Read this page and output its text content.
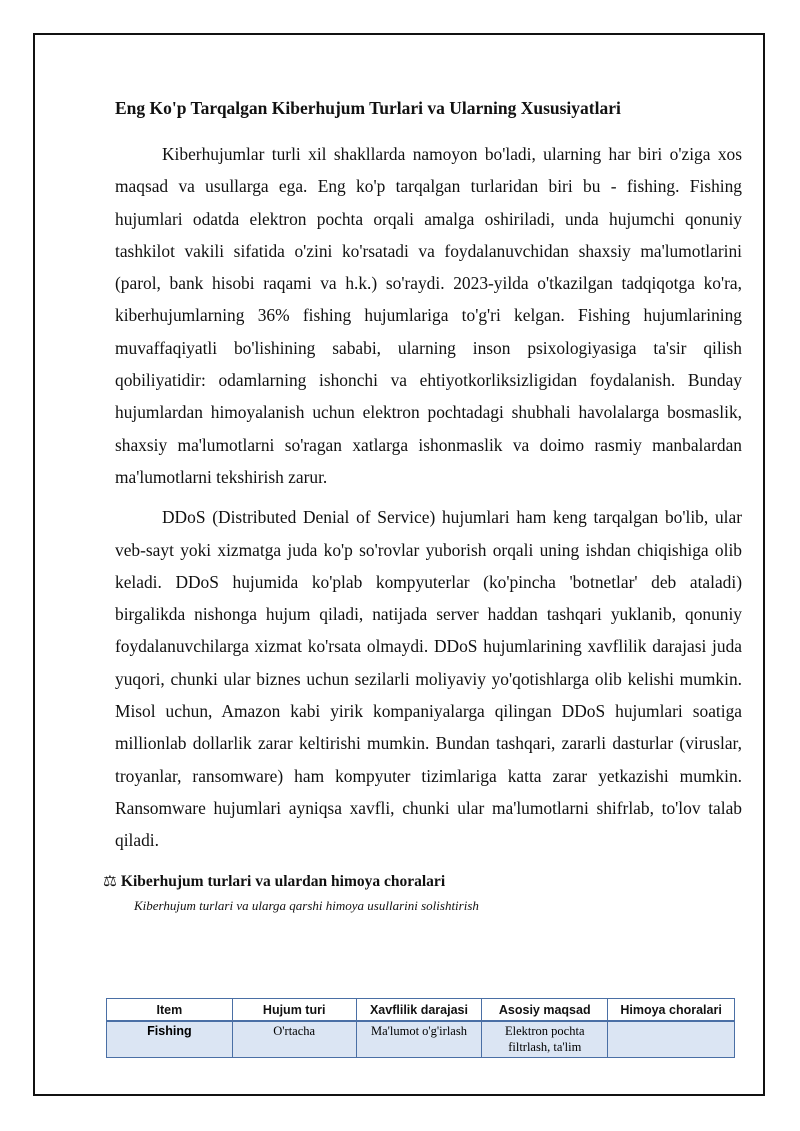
Eng Ko'p Tarqalgan Kiberhujum Turlari va Ularning Xususiyatlari

Kiberhujumlar turli xil shakllarda namoyon bo'ladi, ularning har biri o'ziga xos maqsad va usullarga ega. Eng ko'p tarqalgan turlaridan biri bu - fishing. Fishing hujumlari odatda elektron pochta orqali amalga oshiriladi, unda hujumchi qonuniy tashkilot vakili sifatida o'zini ko'rsatadi va foydalanuvchidan shaxsiy ma'lumotlarini (parol, bank hisobi raqami va h.k.) so'raydi. 2023-yilda o'tkazilgan tadqiqotga ko'ra, kiberhujumlarning 36% fishing hujumlariga to'g'ri kelgan. Fishing hujumlarining muvaffaqiyatli bo'lishining sababi, ularning inson psixologiyasiga ta'sir qilish qobiliyatidir: odamlarning ishonchi va ehtiyotkorliksizligidan foydalanish. Bunday hujumlardan himoyalanish uchun elektron pochtadagi shubhali havolalarga bosmaslik, shaxsiy ma'lumotlarni so'ragan xatlarga ishonmaslik va doimo rasmiy manbalardan ma'lumotlarni tekshirish zarur.

DDoS (Distributed Denial of Service) hujumlari ham keng tarqalgan bo'lib, ular veb-sayt yoki xizmatga juda ko'p so'rovlar yuborish orqali uning ishdan chiqishiga olib keladi. DDoS hujumida ko'plab kompyuterlar (ko'pincha 'botnetlar' deb ataladi) birgalikda nishonga hujum qiladi, natijada server haddan tashqari yuklanib, qonuniy foydalanuvchilarga xizmat ko'rsata olmaydi. DDoS hujumlarining xavflilik darajasi juda yuqori, chunki ular biznes uchun sezilarli moliyaviy yo'qotishlarga olib kelishi mumkin. Misol uchun, Amazon kabi yirik kompaniyalarga qilingan DDoS hujumlari soatiga millionlab dollarlik zarar keltirishi mumkin. Bundan tashqari, zararli dasturlar (viruslar, troyanlar, ransomware) ham kompyuter tizimlariga katta zarar yetkazishi mumkin. Ransomware hujumlari ayniqsa xavfli, chunki ular ma'lumotlarni shifrlab, to'lov talab qiladi.

⚖ Kiberhujum turlari va ulardan himoya choralari
Kiberhujum turlari va ularga qarshi himoya usullarini solishtirish
Item	Hujum turi	Xavflilik darajasi	Asosiy maqsad	Himoya choralari
Fishing	O'rtacha	Ma'lumot o'g'irlash	Elektron pochta filtrlash, ta'lim	
